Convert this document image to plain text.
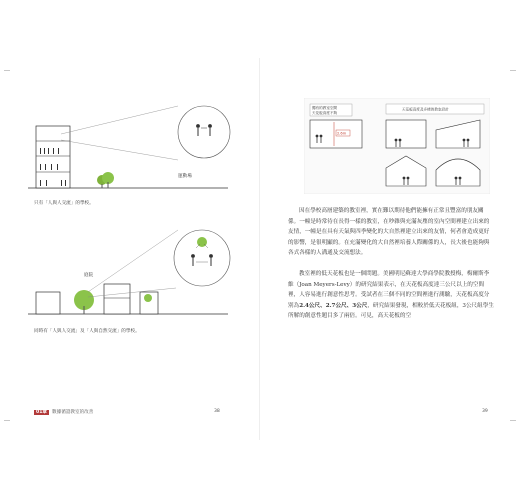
運動場
只有「人與人交流」的學校。
庭院
同時有「人與人交流」及「人與自然交流」的學校。
01章 數據循證教室的改善	38
獨有的教室空間
天花板高度不夠
天花板高度及多樣的教室設計
2.6m

因在學校高層建築的教室裡，實在難以期待他們能擁有正常且豐富的朋友關係。一幢是時常待在長得一樣的教室，在吵雜與充滿灰塵的室內空間裡建立出來的友情，一幢是在具有天氣與四季變化的大自然裡建立出來的友情，何者會造成更好的影響，是很明顯的。在充滿變化的大自然裡培養人際關係的人，長大後也能夠與各式各樣的人溝通及交流想法。

教室裡的低天花板也是一個問題。美國明尼蘇達大學商學院教授梅，梅爾斯李維（Joan Meyers-Levy）的研究結果表示，在天花板高度達三公尺以上的空間裡，人容易進行創意性思考。受試者在三個不同的空間裡進行測驗，天花板高度分別為2.4公尺、2.7公尺、3公尺，研究結果發現，相較於低天花板組，3公尺組學生所解的創意性題目多了兩倍。可見，高天花板的空

39
